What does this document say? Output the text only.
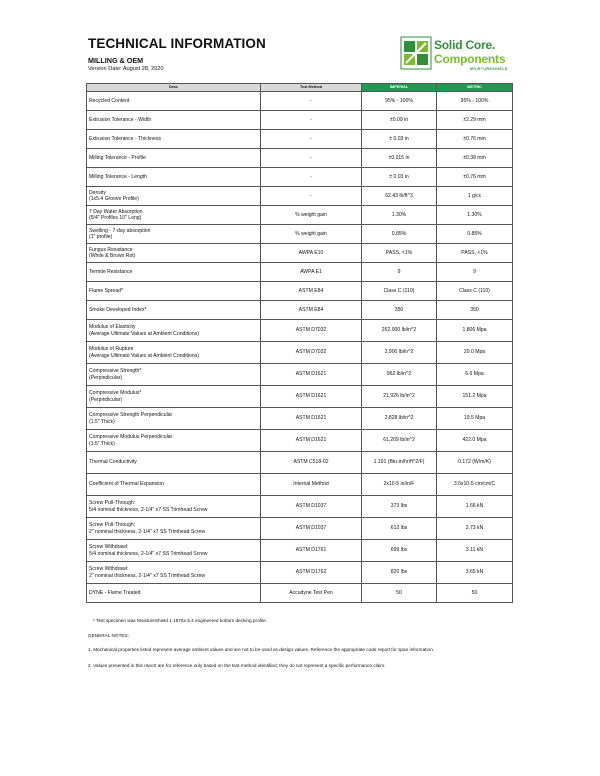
TECHNICAL INFORMATION
MILLING & OEM
Version Date: August 28, 2020
Solid Core.
Components
MOISTURESHIELD
Desc	Test Method	IMPERIAL	METRIC

Recycled Content	-	95% - 100%	95% - 100%

Extrusion Tolerance - Width	-	±0.09 in	±2.29 mm

Extrusion Tolerance - Thickness	-	± 0.03 in	±0.76 mm

Milling Tolerance - Profile	-	±0.015 in	±0.38 mm

Milling Tolerance - Length	-	± 0.03 in	±0.76 mm

Density
(1x5.4 Groove Profile)	-	62.43 lb/ft^3	1 g/cc

7 Day Water Absorption
(5/4" Profiles 10" Long)	% weight gain	1.30%	1.30%

Swelling - 7-day absorption
(1" profile)	% weight gain	0.85%	0.85%

Fungus Resistance
(White & Brown Rot)	AWPA E10	PASS, <1%	PASS, <1%

Termite Resistance	AWPA E1	9	9

Flame Spread*	ASTM E84	Class C (110)	Class C (110)

Smoke Developed Index*	ASTM E84	350	350

Modulus of Elasticity
(Average Ultimate Values at Ambient Conditions)	ASTM D7032	262,000 lb/in^2	1,806 Mpa

Modulus of Rupture
(Average Ultimate Values at Ambient Conditions)	ASTM D7032	2,900 lb/in^2	20.0 Mpa

Compressive Strength*
(Perpindicular)	ASTM D1621	962 lb/in^2	6.6 Mpa

Compressive Modulus*
(Perpindicular)	ASTM D1621	21,926 lb/in^2	151.2 Mpa

Compressive Strength Perpendicular
(1.5" Thick)	ASTM D1621	2,828 lb/in^2	19.5 Mpa

Compressive Modulus Perpendicular
(1.5" Thick)	ASTM D1621	61,209 lb/in^2	422.0 Mpa

Thermal Conductivity	ASTM C518-02	1.191 (Btu-in/hr/ft^2/F)	0.172 (W/m/K)

Coefficient of Thermal Expansion	Internal Method	2x10-5 in/in/F	3.6x10-5 cm/cm/C

Screw Pull-Through:
5/4 nominal thickness, 2-1/4" x7 SS Trimhead Screw	ASTM D1037	373 lbs	1.66 kN

Screw Pull-Through:
2" nominal thickness, 2-1/4" x7 SS Trimhead Screw	ASTM D1037	612 lbs	2.73 kN

Screw Withdrawl:
5/4 nominal thickness, 2-1/4" x7 SS Trimhead Screw	ASTM D1761	699 lbs	3.11 kN

Screw Withdrawl:
2" nominal thickness, 2-1/4" x7 SS Trimhead Screw	ASTM D1762	820 lbs	3.65 kN

DYNE - Flame Treated	Accudyne Test Pen	50	50
* Test specimen was MoistureShield 1.1875x 5.4 engineered bottom decking profile.
GENERAL NOTES:
1. Mechanical properties listed represent average ambient values and are not to be used as design values. Reference the appropriate code report for span information.
2. Values presented in this report are for reference only based on the test method identified; they do not represent a specific performance claim.
